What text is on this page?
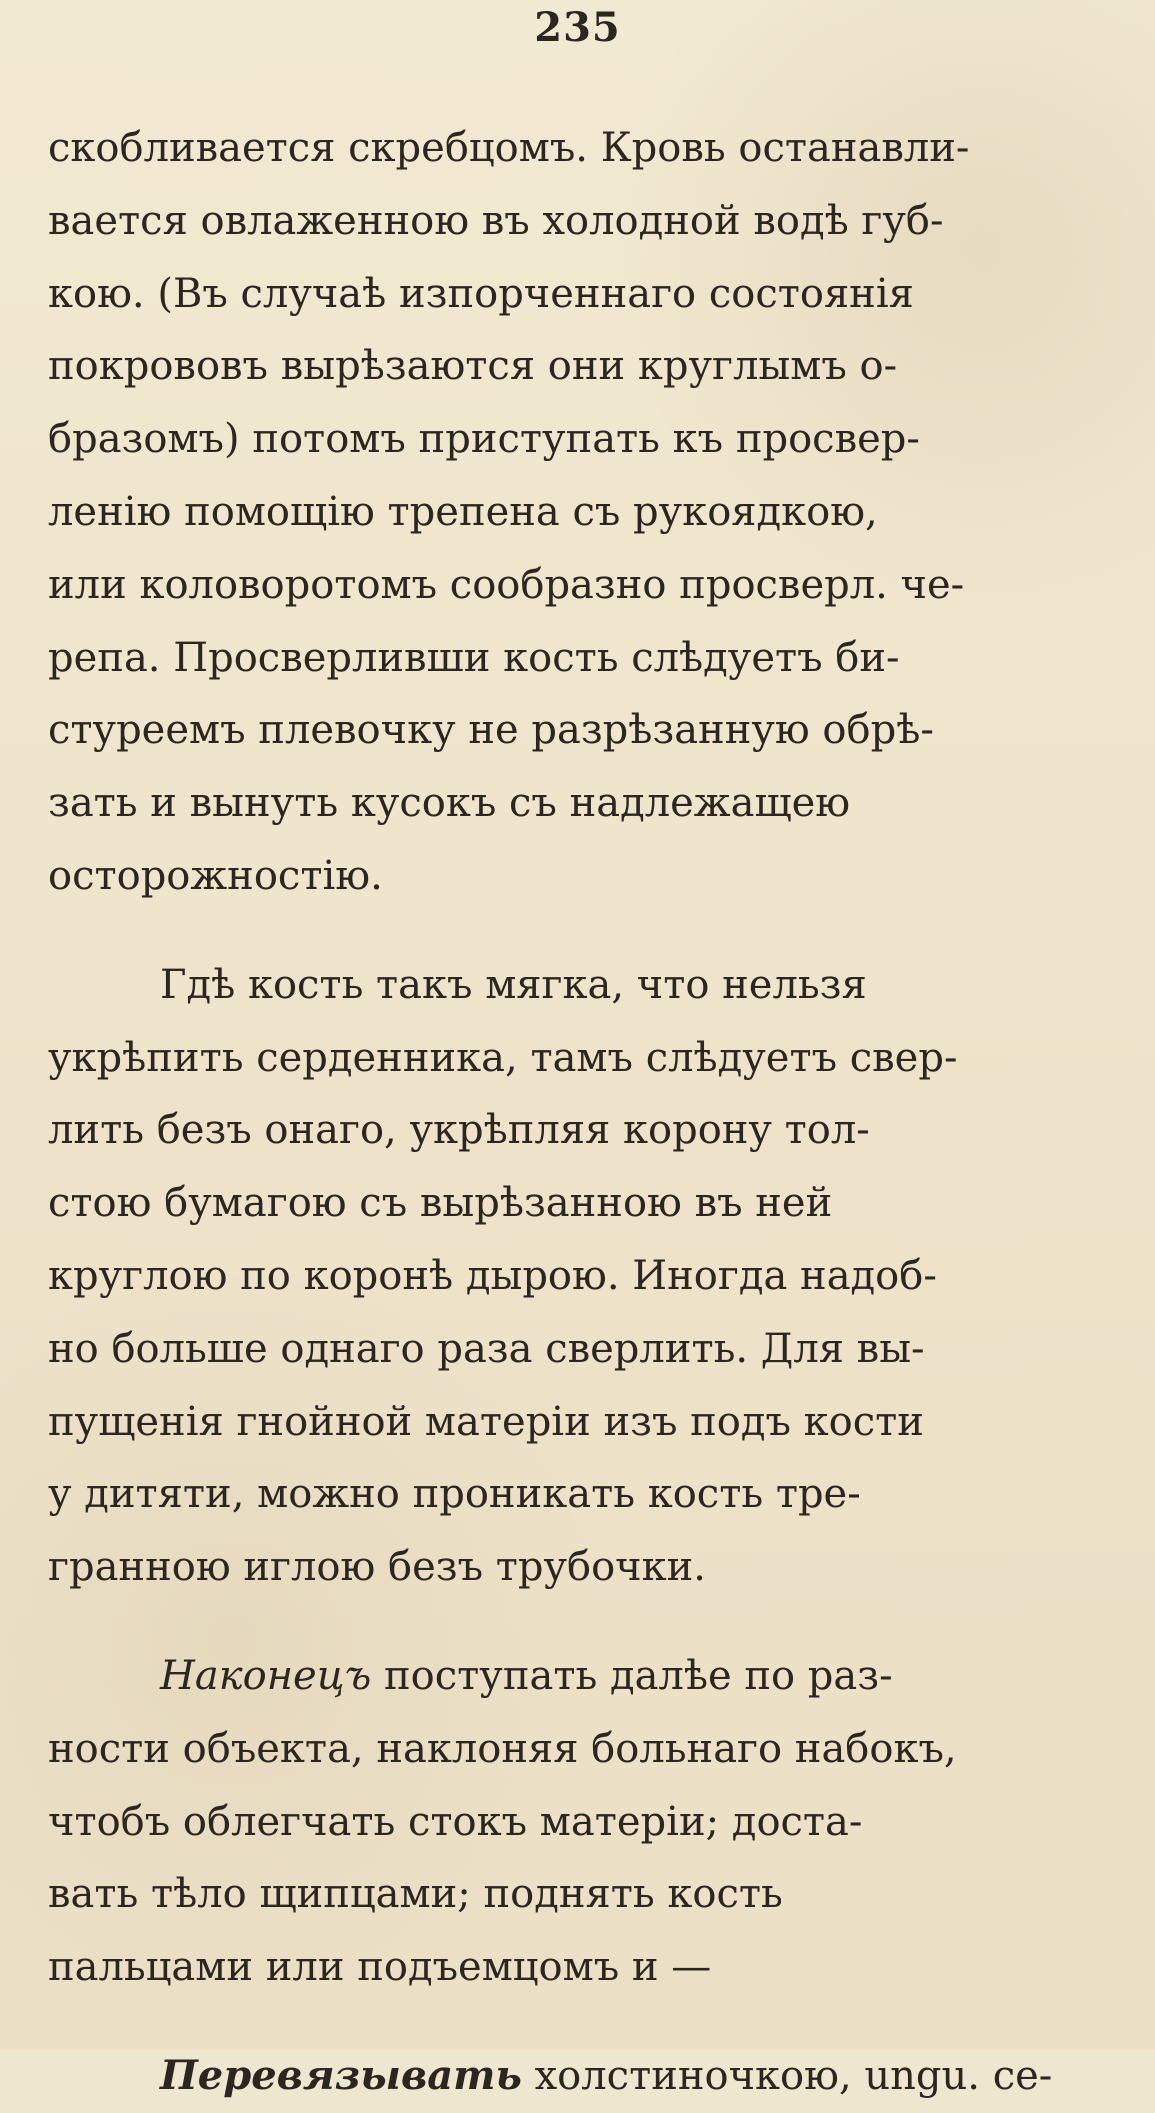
235
скобливается скребцомъ. Кровь останавли-
вается овлаженною въ холодной водѣ губ-
кою. (Въ случаѣ изпорченнаго состоянія
покрововъ вырѣзаются они круглымъ о-
бразомъ) потомъ приступать къ просвер-
ленію помощію трепена съ рукоядкою,
или коловоротомъ сообразно просверл. че-
репа. Просверливши кость слѣдуетъ би-
стуреемъ плевочку не разрѣзанную обрѣ-
зать и вынуть кусокъ съ надлежащею
осторожностію.
Гдѣ кость такъ мягка, что нельзя
укрѣпить серденника, тамъ слѣдуетъ свер-
лить безъ онаго, укрѣпляя корону тол-
стою бумагою съ вырѣзанною въ ней
круглою по коронѣ дырою. Иногда надоб-
но больше однаго раза сверлить. Для вы-
пущенія гнойной матеріи изъ подъ кости
у дитяти, можно проникать кость тре-
гранною иглою безъ трубочки.
Наконецъ поступать далѣе по раз-
ности объекта, наклоняя больнаго набокъ,
чтобъ облегчать стокъ матеріи; доста-
вать тѣло щипцами; поднять кость
пальцами или подъемцомъ и —
Перевязывать холстиночкою, ungu. се-
